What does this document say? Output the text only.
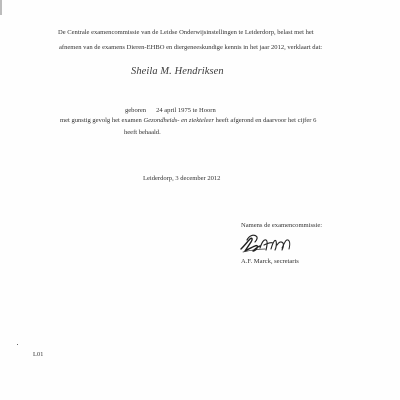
De Centrale examencommissie van de Leidse Onderwijsinstellingen te Leiderdorp, belast met het
afnemen van de examens Dieren-EHBO en diergeneeskundige kennis in het jaar 2012, verklaart dat:
Sheila M. Hendriksen
geboren 24 april 1975 te Hoorn
met gunstig gevolg het examen Gezondheids- en ziekteleer heeft afgerond en daarvoor het cijfer 6
heeft behaald.
Leiderdorp, 3 december 2012
Namens de examencommissie:
A.F. Marck, secretaris
L01
